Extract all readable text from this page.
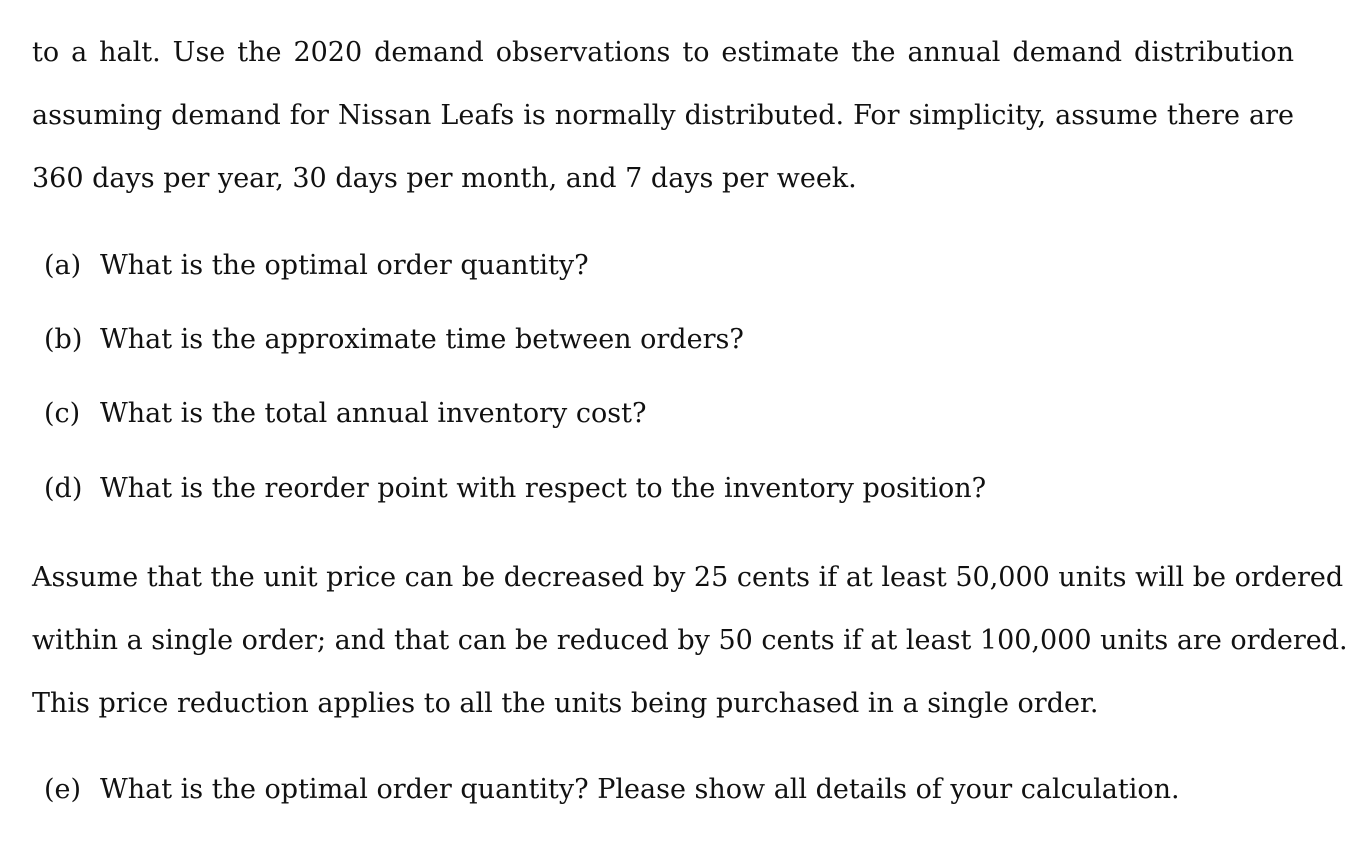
to a halt. Use the 2020 demand observations to estimate the annual demand distribution
assuming demand for Nissan Leafs is normally distributed. For simplicity, assume there are
360 days per year, 30 days per month, and 7 days per week.
(a) What is the optimal order quantity?
(b) What is the approximate time between orders?
(c) What is the total annual inventory cost?
(d) What is the reorder point with respect to the inventory position?
Assume that the unit price can be decreased by 25 cents if at least 50,000 units will be ordered
within a single order; and that can be reduced by 50 cents if at least 100,000 units are ordered.
This price reduction applies to all the units being purchased in a single order.
(e) What is the optimal order quantity? Please show all details of your calculation.
